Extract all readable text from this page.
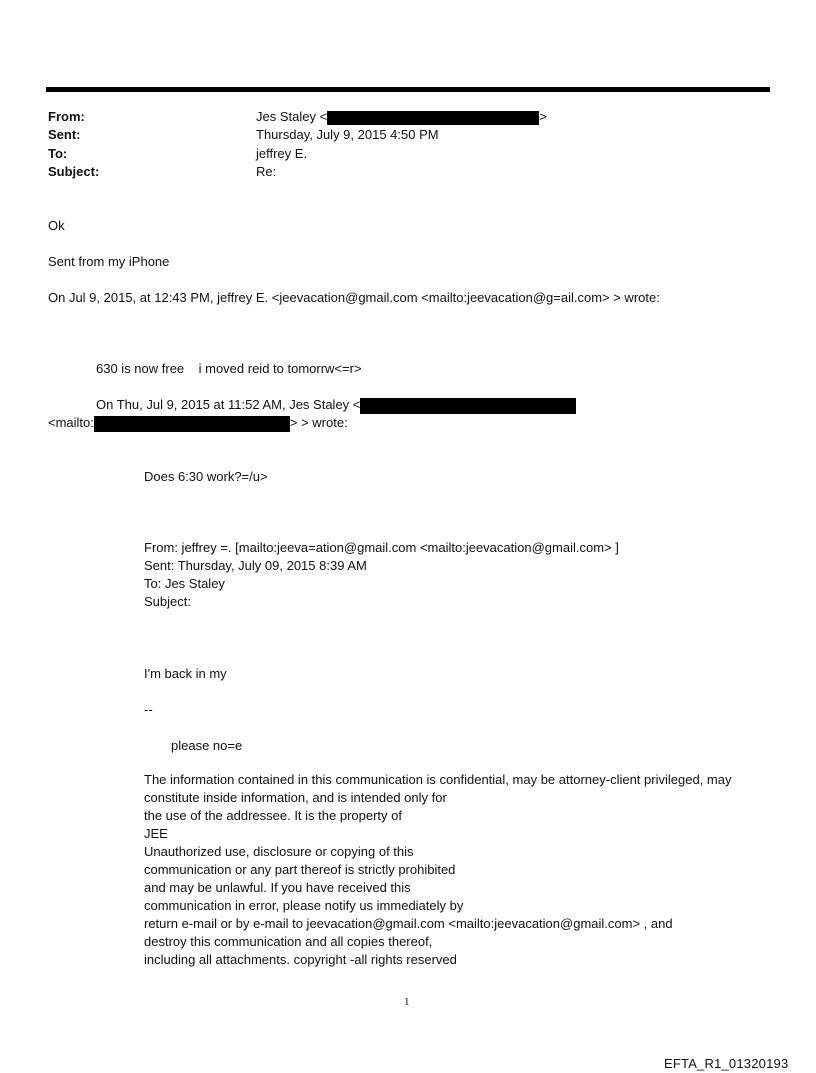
From:
Sent:
To:
Subject:
Jes Staley <	>
Thursday, July 9, 2015 4:50 PM
jeffrey E.
Re:
Ok
Sent from my iPhone
On Jul 9, 2015, at 12:43 PM, jeffrey E. <jeevacation@gmail.com <mailto:jeevacation@g=ail.com> > wrote:
630 is now free    i moved reid to tomorrw<=r>
On Thu, Jul 9, 2015 at 11:52 AM, Jes Staley <
<mailto:	> > wrote:
Does 6:30 work?=/u>
From: jeffrey =. [mailto:jeeva=ation@gmail.com <mailto:jeevacation@gmail.com> ]
Sent: Thursday, July 09, 2015 8:39 AM
To: Jes Staley
Subject:
I'm back in my
--
please no=e
The information contained in this communication is confidential, may be attorney-client privileged, may
constitute inside information, and is intended only for
the use of the addressee. It is the property of
JEE
Unauthorized use, disclosure or copying of this
communication or any part thereof is strictly prohibited
and may be unlawful. If you have received this
communication in error, please notify us immediately by
return e-mail or by e-mail to jeevacation@gmail.com <mailto:jeevacation@gmail.com> , and
destroy this communication and all copies thereof,
including all attachments. copyright -all rights reserved
1
EFTA_R1_01320193
